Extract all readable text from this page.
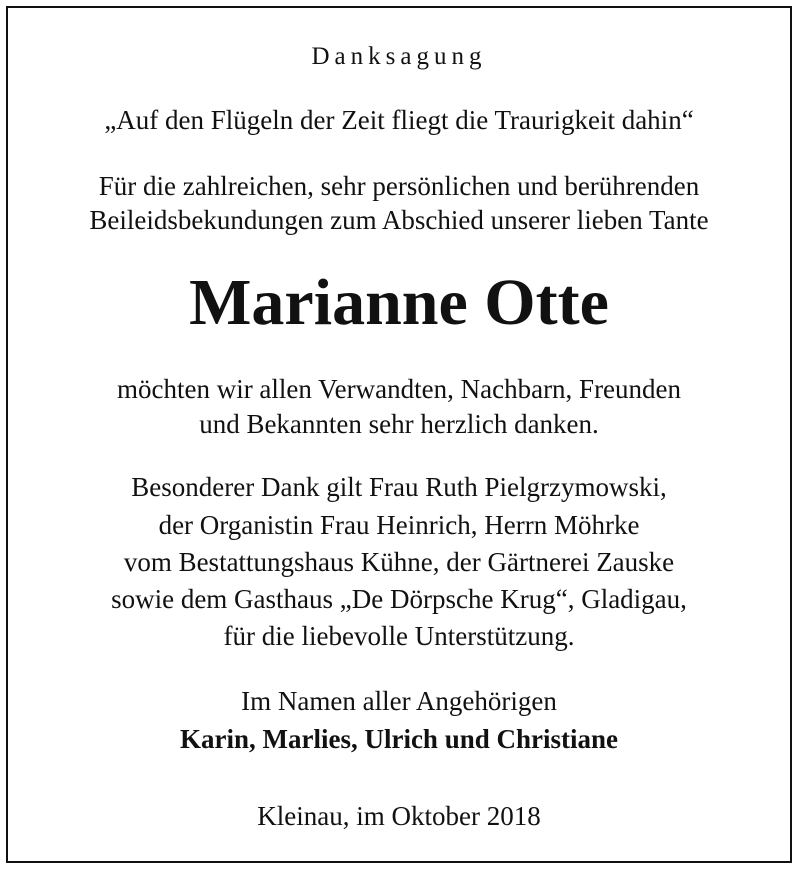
Danksagung
„Auf den Flügeln der Zeit fliegt die Traurigkeit dahin“
Für die zahlreichen, sehr persönlichen und berührenden
Beileidsbekundungen zum Abschied unserer lieben Tante
Marianne Otte
möchten wir allen Verwandten, Nachbarn, Freunden
und Bekannten sehr herzlich danken.
Besonderer Dank gilt Frau Ruth Pielgrzymowski,
der Organistin Frau Heinrich, Herrn Möhrke
vom Bestattungshaus Kühne, der Gärtnerei Zauske
sowie dem Gasthaus „De Dörpsche Krug“, Gladigau,
für die liebevolle Unterstützung.
Im Namen aller Angehörigen
Karin, Marlies, Ulrich und Christiane
Kleinau, im Oktober 2018
